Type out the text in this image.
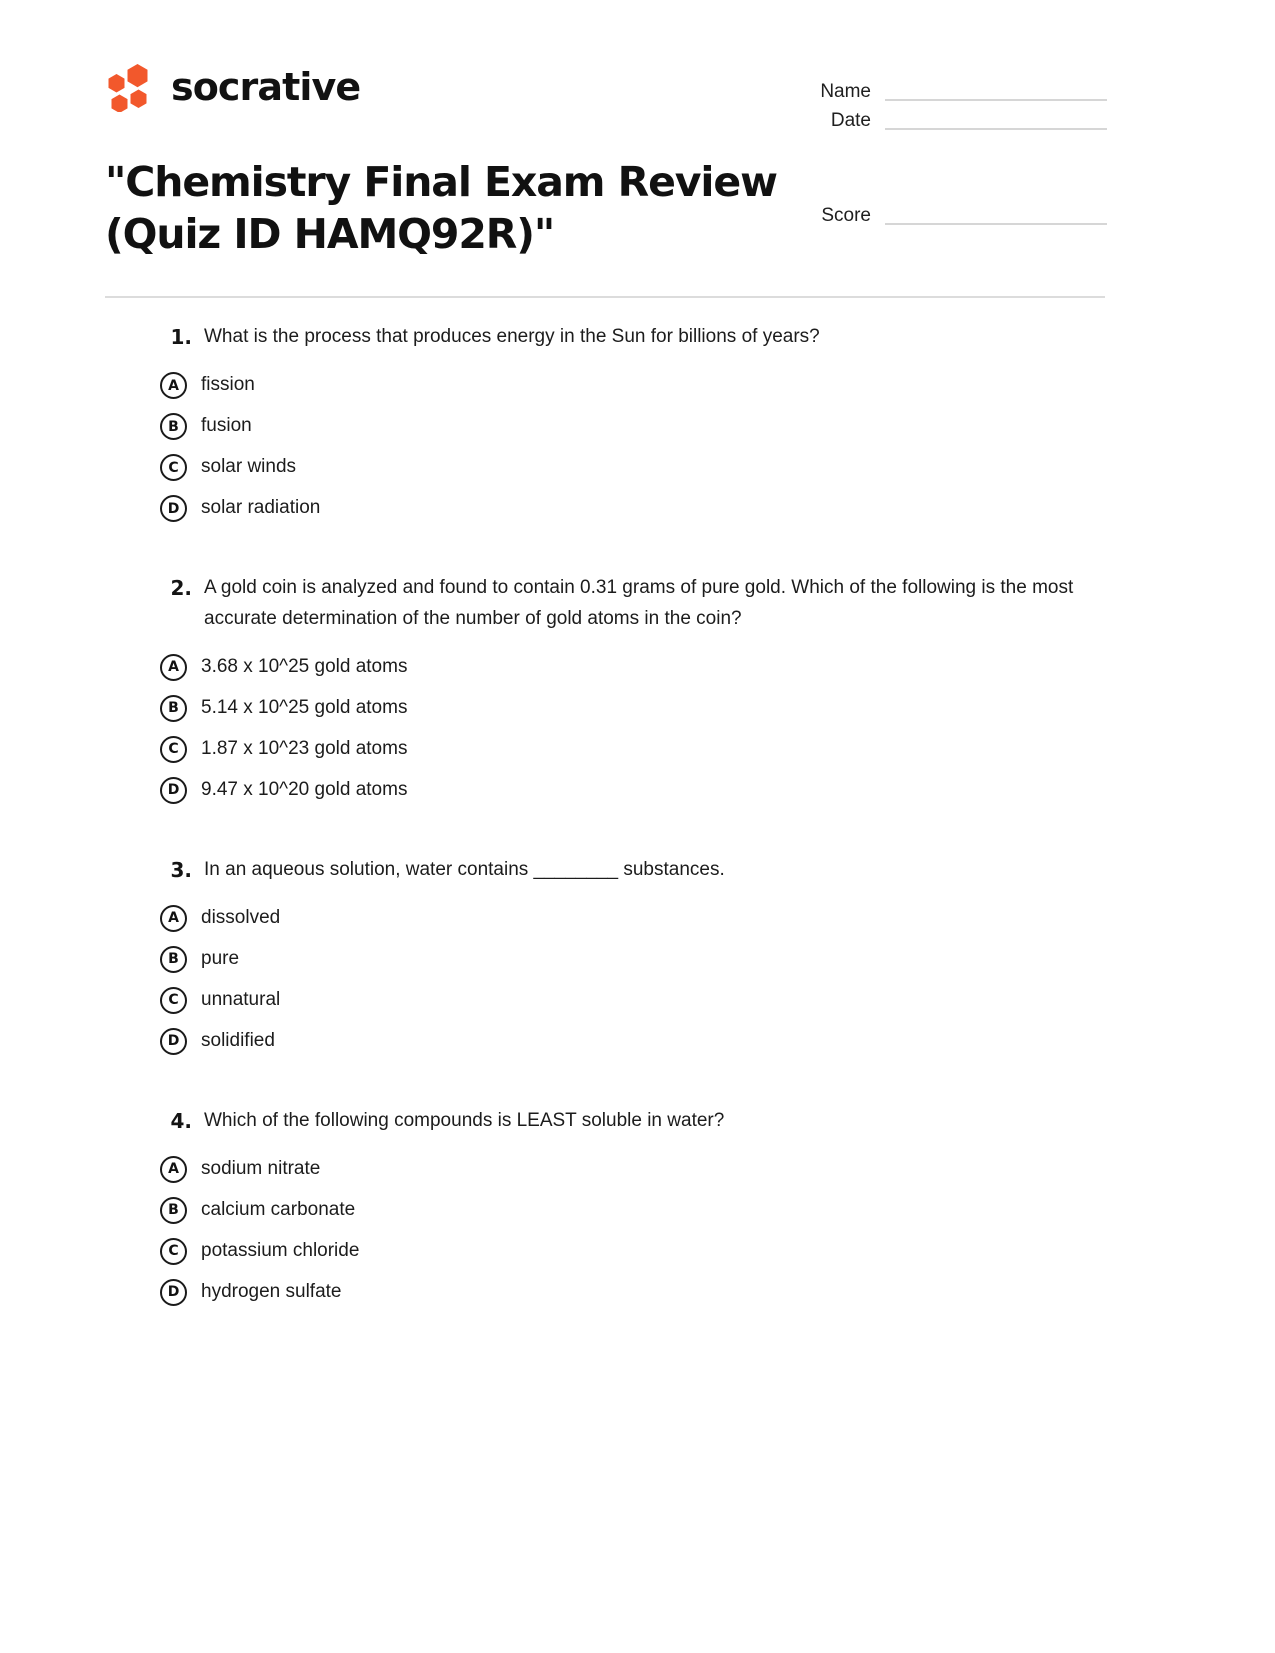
socrative	Name
Date
Score
"Chemistry Final Exam Review (Quiz ID HAMQ92R)"
1. What is the process that produces energy in the Sun for billions of years?
A	fission
B	fusion
C	solar winds
D	solar radiation
2. A gold coin is analyzed and found to contain 0.31 grams of pure gold. Which of the following is the most accurate determination of the number of gold atoms in the coin?
A	3.68 x 10^25 gold atoms
B	5.14 x 10^25 gold atoms
C	1.87 x 10^23 gold atoms
D	9.47 x 10^20 gold atoms
3. In an aqueous solution, water contains ________ substances.
A	dissolved
B	pure
C	unnatural
D	solidified
4. Which of the following compounds is LEAST soluble in water?
A	sodium nitrate
B	calcium carbonate
C	potassium chloride
D	hydrogen sulfate
